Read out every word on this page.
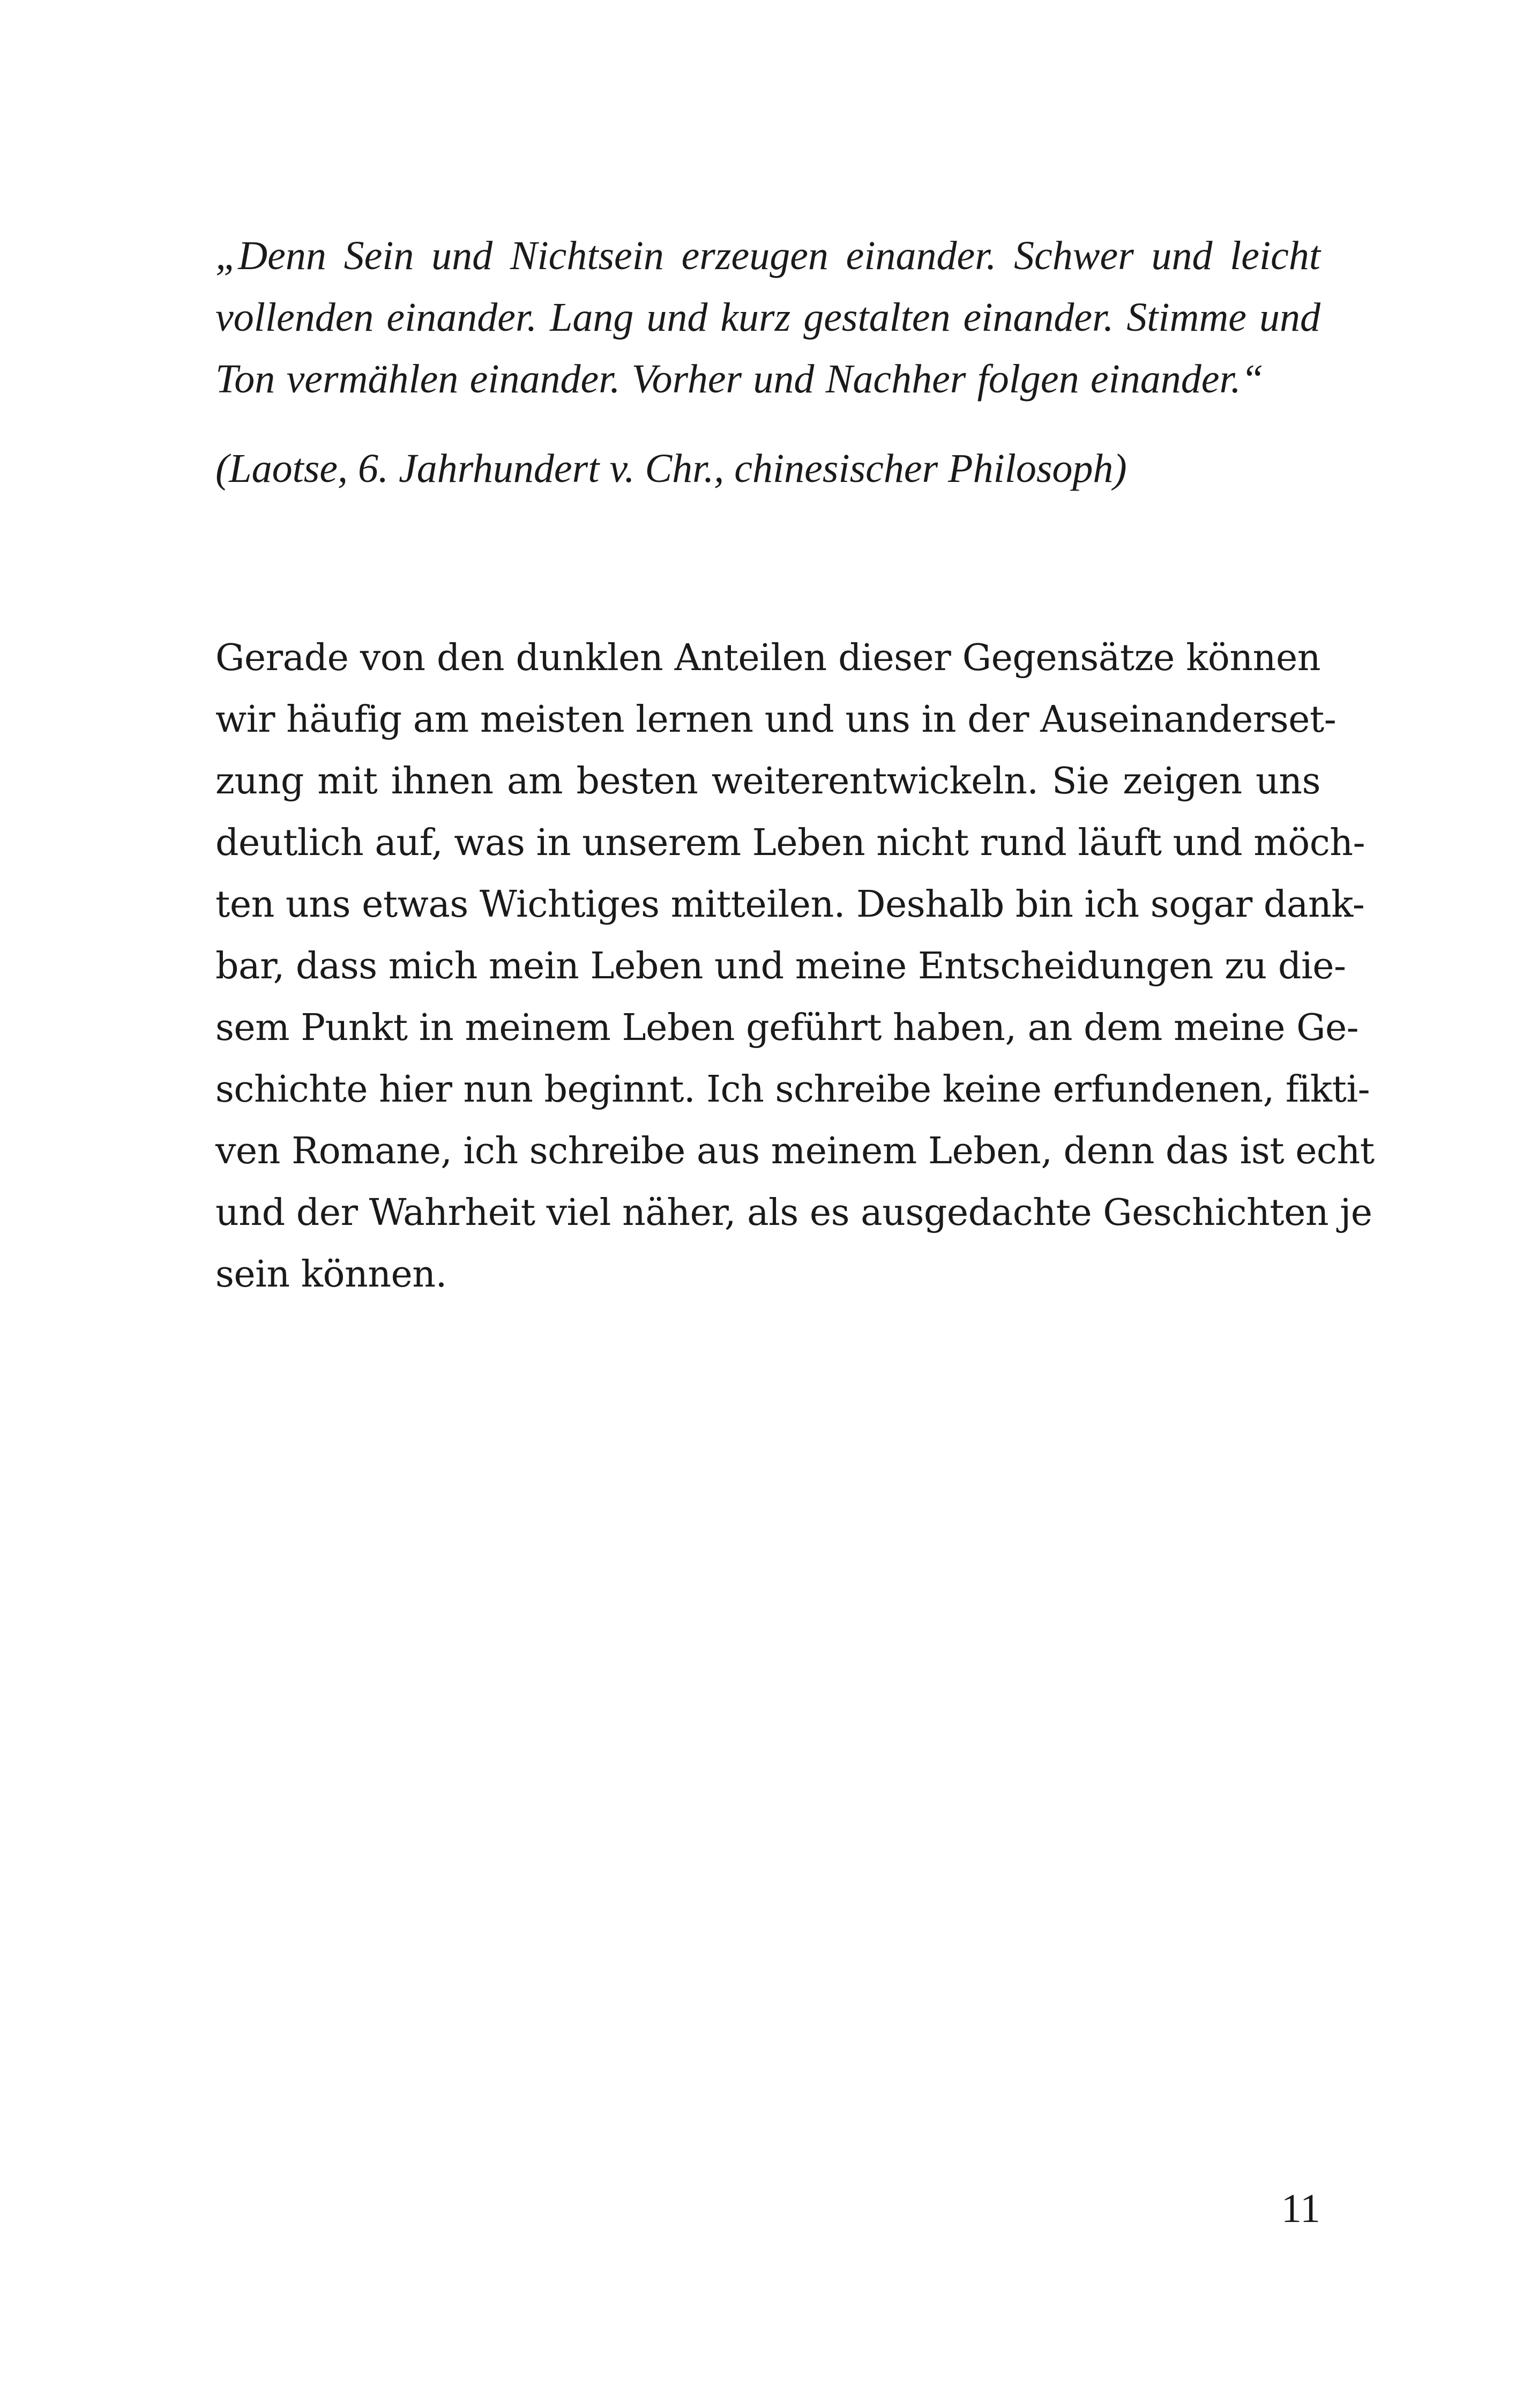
„Denn Sein und Nichtsein erzeugen einander. Schwer und leicht
vollenden einander. Lang und kurz gestalten einander. Stimme und
Ton vermählen einander. Vorher und Nachher folgen einander.“
(Laotse, 6. Jahrhundert v. Chr., chinesischer Philosoph)
Gerade von den dunklen Anteilen dieser Gegensätze können
wir häufig am meisten lernen und uns in der Auseinanderset-
zung mit ihnen am besten weiterentwickeln. Sie zeigen uns
deutlich auf, was in unserem Leben nicht rund läuft und möch-
ten uns etwas Wichtiges mitteilen. Deshalb bin ich sogar dank-
bar, dass mich mein Leben und meine Entscheidungen zu die-
sem Punkt in meinem Leben geführt haben, an dem meine Ge-
schichte hier nun beginnt. Ich schreibe keine erfundenen, fikti-
ven Romane, ich schreibe aus meinem Leben, denn das ist echt
und der Wahrheit viel näher, als es ausgedachte Geschichten je
sein können.
11
